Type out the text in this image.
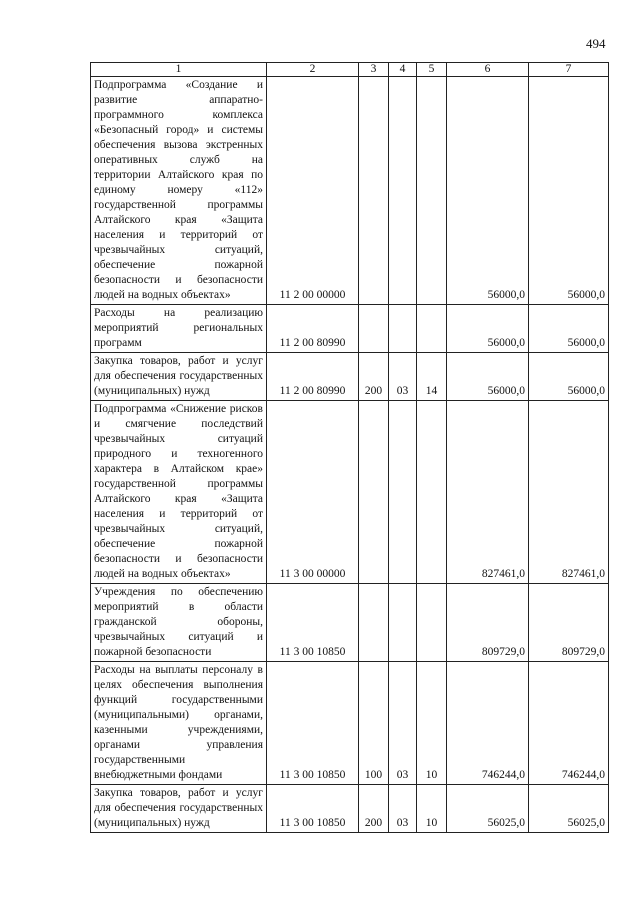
494
1	2	3	4	5	6	7
Подпрограмма «Создание и развитие аппаратно-программного комплекса «Безопасный город» и системы обеспечения вызова экстренных оперативных служб на территории Алтайского края по единому номеру «112» государственной программы Алтайского края «Защита населения и территорий от чрезвычайных ситуаций, обеспечение пожарной безопасности и безопасности людей на водных объектах»	11 2 00 00000				56000,0	56000,0
Расходы на реализацию мероприятий региональных программ	11 2 00 80990				56000,0	56000,0
Закупка товаров, работ и услуг для обеспечения государственных (муниципальных) нужд	11 2 00 80990	200	03	14	56000,0	56000,0
Подпрограмма «Снижение рисков и смягчение последствий чрезвычайных ситуаций природного и техногенного характера в Алтайском крае» государственной программы Алтайского края «Защита населения и территорий от чрезвычайных ситуаций, обеспечение пожарной безопасности и безопасности людей на водных объектах»	11 3 00 00000				827461,0	827461,0
Учреждения по обеспечению мероприятий в области гражданской обороны, чрезвычайных ситуаций и пожарной безопасности	11 3 00 10850				809729,0	809729,0
Расходы на выплаты персоналу в целях обеспечения выполнения функций государственными (муниципальными) органами, казенными учреждениями, органами управления государственными внебюджетными фондами	11 3 00 10850	100	03	10	746244,0	746244,0
Закупка товаров, работ и услуг для обеспечения государственных (муниципальных) нужд	11 3 00 10850	200	03	10	56025,0	56025,0
